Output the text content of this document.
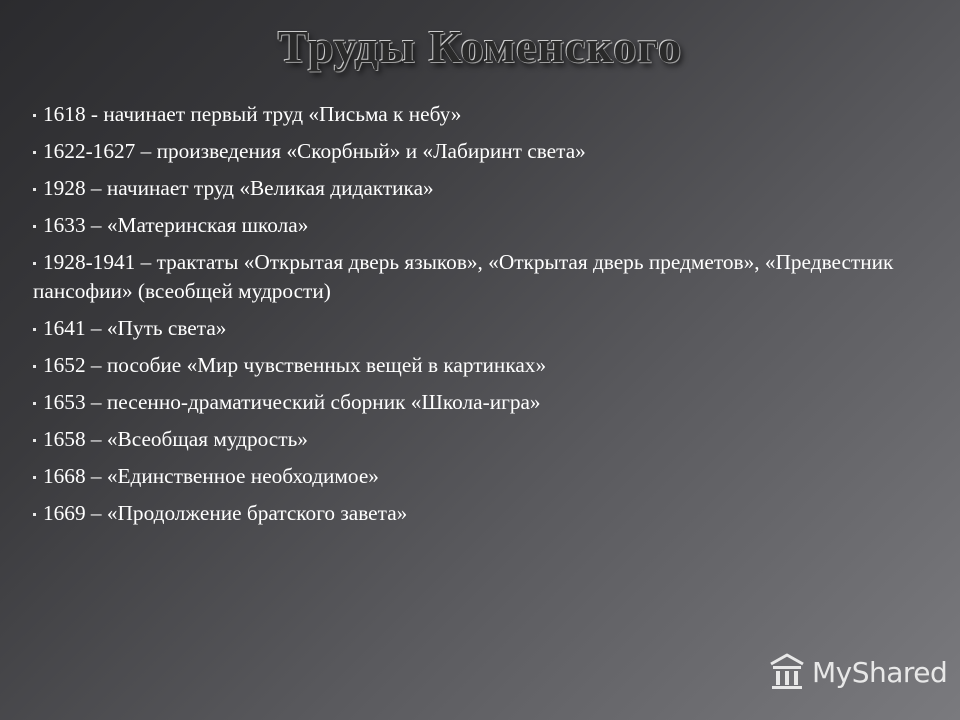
Труды Коменского
1618 - начинает первый труд «Письма к небу»
1622-1627 – произведения «Скорбный» и «Лабиринт света»
1928 – начинает труд «Великая дидактика»
1633 – «Материнская школа»
1928-1941 – трактаты «Открытая дверь языков», «Открытая дверь предметов», «Предвестник пансофии» (всеобщей мудрости)
1641 – «Путь света»
1652 – пособие «Мир чувственных вещей в картинках»
1653 – песенно-драматический сборник «Школа-игра»
1658 – «Всеобщая мудрость»
1668 – «Единственное необходимое»
1669 – «Продолжение братского завета»
MySh​ared
